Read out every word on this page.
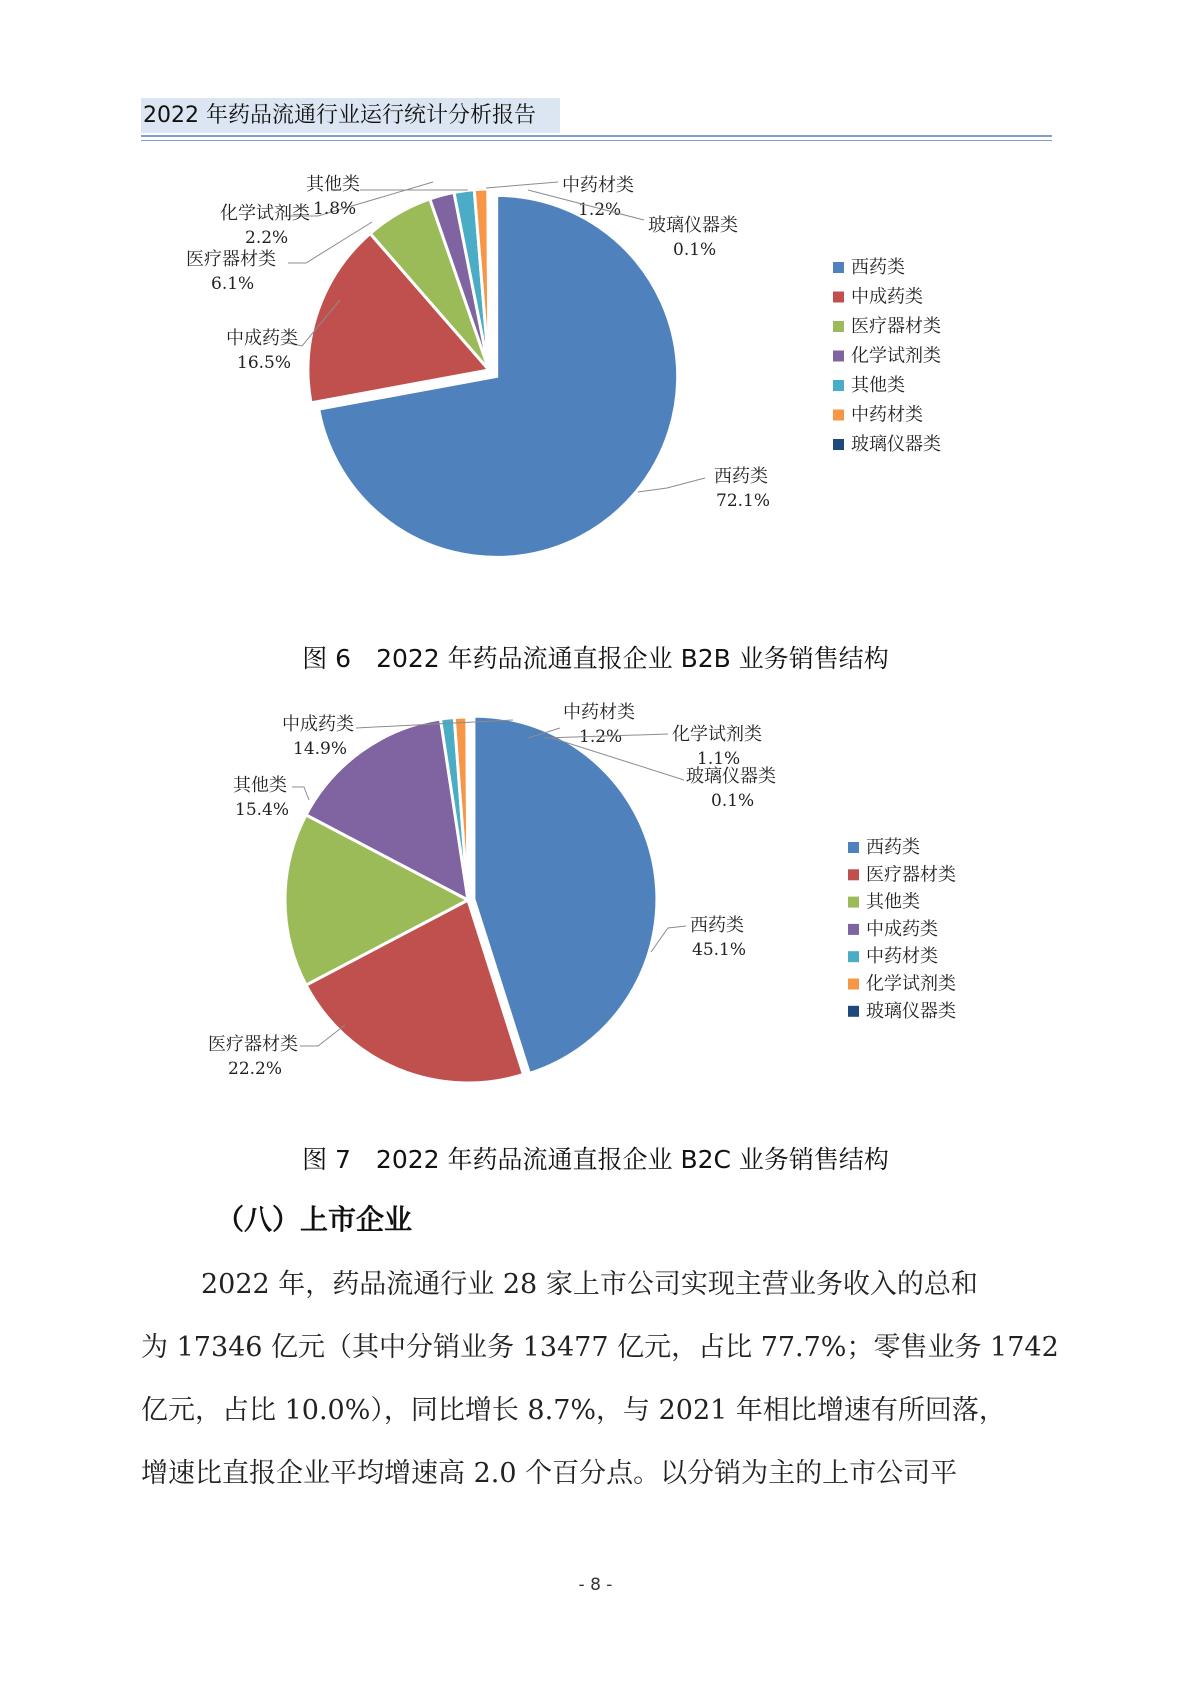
2022 年药品流通行业运行统计分析报告
西药类
72.1%
中成药类
16.5%
医疗器材类
6.1%
化学试剂类
2.2%
其他类
1.8%
中药材类
1.2%
玻璃仪器类
0.1%
西药类
中成药类
医疗器材类
化学试剂类
其他类
中药材类
玻璃仪器类
图 6　2022 年药品流通直报企业 B2B 业务销售结构
西药类
45.1%
医疗器材类
22.2%
其他类
15.4%
中成药类
14.9%
中药材类
1.2%	化学试剂类
1.1%
玻璃仪器类
0.1%
西药类
医疗器材类
其他类
中成药类
中药材类
化学试剂类
玻璃仪器类
图 7　2022 年药品流通直报企业 B2C 业务销售结构
（八）上市企业
2022 年，药品流通行业 28 家上市公司实现主营业务收入的总和
为 17346 亿元（其中分销业务 13477 亿元，占比 77.7%；零售业务 1742
亿元，占比 10.0%），同比增长 8.7%，与 2021 年相比增速有所回落，
增速比直报企业平均增速高 2.0 个百分点。以分销为主的上市公司平
- 8 -
